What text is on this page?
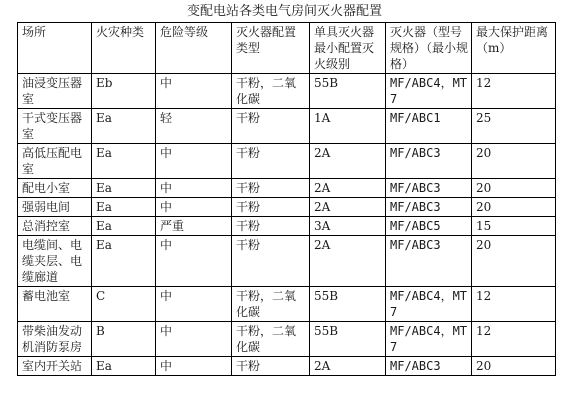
变配电站各类电气房间灭火器配置
场所	火灾种类	危险等级	灭火器配置类型	单具灭火器最小配置灭火级别	灭火器（型号规格）（最小规格）	最大保护距离（m）
油浸变压器室	Eb	中	干粉，二氧化碳	55B	MF/ABC4，MT7	12
干式变压器室	Ea	轻	干粉	1A	MF/ABC1	25
高低压配电室	Ea	中	干粉	2A	MF/ABC3	20
配电小室	Ea	中	干粉	2A	MF/ABC3	20
强弱电间	Ea	中	干粉	2A	MF/ABC3	20
总消控室	Ea	严重	干粉	3A	MF/ABC5	15
电缆间、电缆夹层、电缆廊道	Ea	中	干粉	2A	MF/ABC3	20
蓄电池室	C	中	干粉，二氧化碳	55B	MF/ABC4，MT7	12
带柴油发动机消防泵房	B	中	干粉，二氧化碳	55B	MF/ABC4，MT7	12
室内开关站	Ea	中	干粉	2A	MF/ABC3	20
